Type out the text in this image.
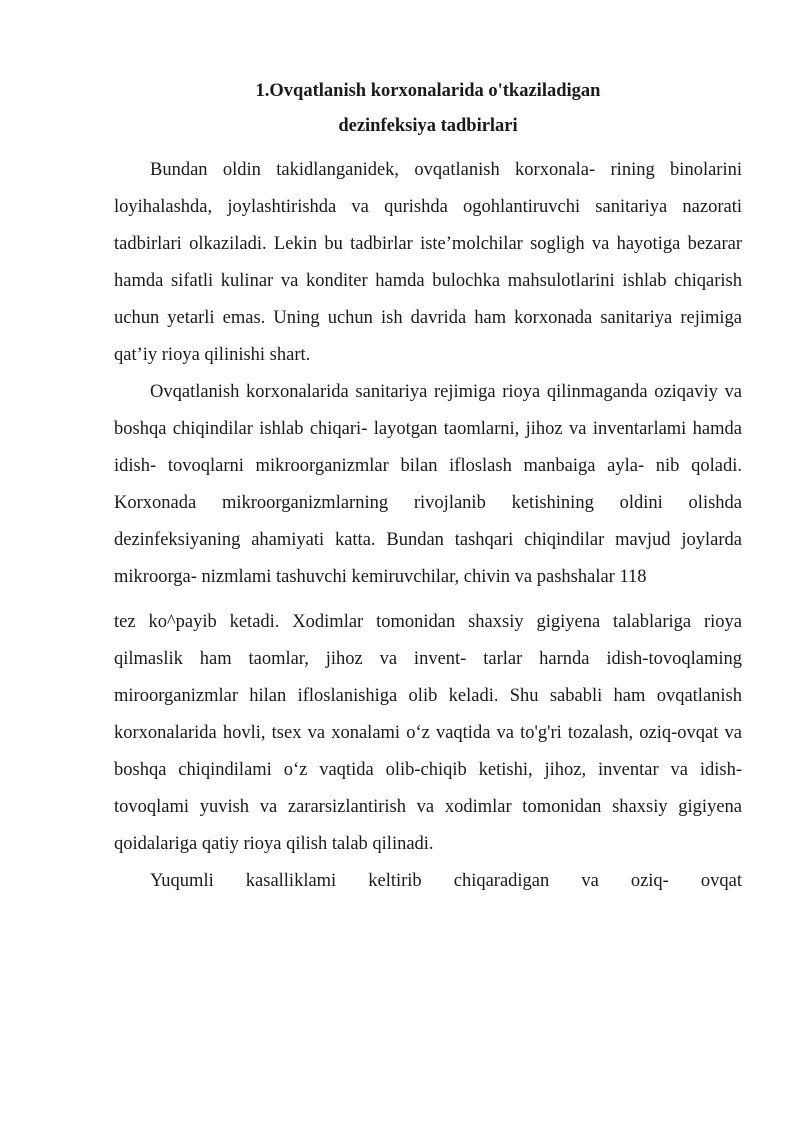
1.Ovqatlanish korxonalarida o'tkaziladigan
dezinfeksiya tadbirlari

Bundan oldin takidlanganidek, ovqatlanish korxonala- rining binolarini loyihalashda, joylashtirishda va qurishda ogohlantiruvchi sanitariya nazorati tadbirlari olkaziladi. Lekin bu tadbirlar iste’molchilar sogligh va hayotiga bezarar hamda sifatli kulinar va konditer hamda bulochka mahsulotlarini ishlab chiqarish uchun yetarli emas. Uning uchun ish davrida ham korxonada sanitariya rejimiga qat’iy rioya qilinishi shart.

Ovqatlanish korxonalarida sanitariya rejimiga rioya qilinmaganda oziqaviy va boshqa chiqindilar ishlab chiqari- layotgan taomlarni, jihoz va inventarlami hamda idish- tovoqlarni mikroorganizmlar bilan ifloslash manbaiga ayla- nib qoladi. Korxonada mikroorganizmlarning rivojlanib ketishining oldini olishda dezinfeksiyaning ahamiyati katta. Bundan tashqari chiqindilar mavjud joylarda mikroorga- nizmlami tashuvchi kemiruvchilar, chivin va pashshalar 118

tez ko^payib ketadi. Xodimlar tomonidan shaxsiy gigiyena talablariga rioya qilmaslik ham taomlar, jihoz va invent- tarlar harnda idish-tovoqlaming miroorganizmlar hilan ifloslanishiga olib keladi. Shu sababli ham ovqatlanish korxonalarida hovli, tsex va xonalami o‘z vaqtida va to'g'ri tozalash, oziq-ovqat va boshqa chiqindilami o‘z vaqtida olib-chiqib ketishi, jihoz, inventar va idish-tovoqlami yuvish va zararsizlantirish va xodimlar tomonidan shaxsiy gigiyena qoidalariga qatiy rioya qilish talab qilinadi.

Yuqumli kasalliklami keltirib chiqaradigan va oziq- ovqat
